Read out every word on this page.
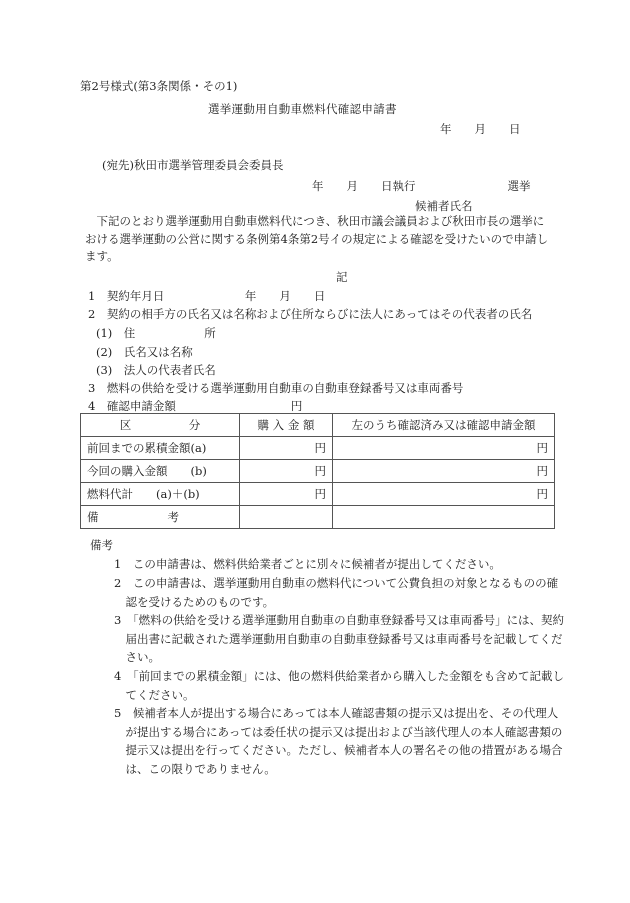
第2号様式(第3条関係・その1)
選挙運動用自動車燃料代確認申請書
年　　月　　日
(宛先)秋田市選挙管理委員会委員長
年　　月　　日執行　　　　　　　　選挙
候補者氏名
下記のとおり選挙運動用自動車燃料代につき、秋田市議会議員および秋田市長の選挙における選挙運動の公営に関する条例第4条第2号イの規定による確認を受けたいので申請します。
記
1　契約年月日　　　　　　　年　　月　　日
2　契約の相手方の氏名又は名称および住所ならびに法人にあってはその代表者の氏名
(1)　住　　　　　　所
(2)　氏名又は名称
(3)　法人の代表者氏名
3　燃料の供給を受ける選挙運動用自動車の自動車登録番号又は車両番号
4　確認申請金額　　　　　　　　　　円
区　　　　　分	購 入 金 額	左のうち確認済み又は確認申請金額
前回までの累積金額(a)	円	円
今回の購入金額　　(b)	円	円
燃料代計　　(a)＋(b)	円	円
備　　　　　　考		
備考
1　この申請書は、燃料供給業者ごとに別々に候補者が提出してください。
2　この申請書は、選挙運動用自動車の燃料代について公費負担の対象となるものの確認を受けるためのものです。
3　「燃料の供給を受ける選挙運動用自動車の自動車登録番号又は車両番号」には、契約届出書に記載された選挙運動用自動車の自動車登録番号又は車両番号を記載してください。
4　「前回までの累積金額」には、他の燃料供給業者から購入した金額をも含めて記載してください。
5　候補者本人が提出する場合にあっては本人確認書類の提示又は提出を、その代理人が提出する場合にあっては委任状の提示又は提出および当該代理人の本人確認書類の提示又は提出を行ってください。ただし、候補者本人の署名その他の措置がある場合は、この限りでありません。
